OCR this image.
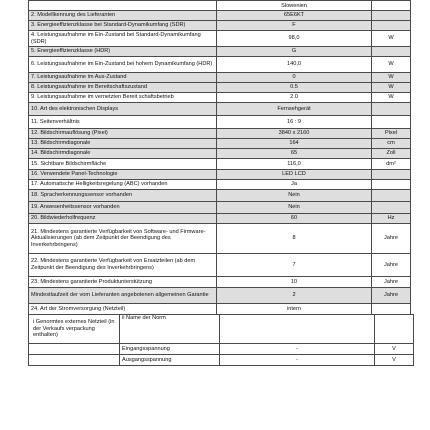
	Slowenien	
2. Modellkennung des Lieferanten	65E6KT	
3. Energieeffizienzklasse bei Standard-Dynamikumfang (SDR)	F	
4. Leistungsaufnahme im Ein-Zustand bei Standard-Dynamikumfang (SDR)	98,0	W
5. Energieeffizienzklasse (HDR)	G	
6. Leistungsaufnahme im Ein-Zustand bei hohem Dynamikumfang (HDR)	140,0	W
7. Leistungsaufnahme im Aus-Zustand	0	W
8. Leistungsaufnahme im Bereitschaftszustand	0.5	W
9. Leistungsaufnahme im vernetzten Bereit schaftsbetrieb	2.0	W
10. Art des elektronischen Displays	Fernsehgerät	
11. Seitenverhältnis	16 : 9	
12. Bildschirmauflösung (Pixel)	3840 x 2160	Pixel
13. Bildschirmdiagonale	164	cm
14. Bildschirmdiagonale	65	Zoll
15. Sichtbare Bildschirmfläche	116,0	dm²
16. Verwendete Panel-Technologie	LED LCD	
17. Automatische Helligkeitsregelung (ABC) vorhanden	Ja	
18. Spracherkennungssensor vorhanden	Nein	
19. Anwesenheitssensor vorhanden	Nein	
20. Bildwiederholfrequenz	60	Hz
21. Mindestens garantierte Verfügbarkeit von Software- und Firmware-Aktualisierungen (ab dem Zeitpunkt der Beendigung des Inverkehrbringens)	8	Jahre
22. Mindestens garantierte Verfügbarkeit von Ersatzteilen (ab dem Zeitpunkt der Beendigung des Inverkehrbringens)	7	Jahre
23. Mindestens garantierte Produktunterstützung	10	Jahre
Mindestlaufzeit der vom Lieferanten angebotenen allgemeinen Garantie	2	Jahre
24. Art der Stromversorgung (Netzteil)	intern	
i Genormtes externes Netzteil (in der Verkaufs verpackung enthalten)	ii Name der Norm		
	Eingangsspannung	-	V
	Ausgangsspannung	-	V
